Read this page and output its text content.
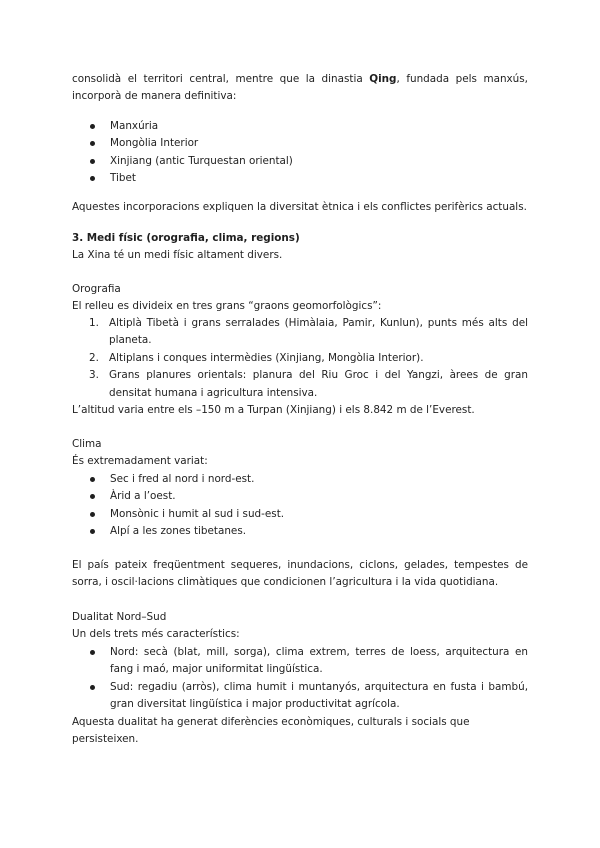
consolidà el territori central, mentre que la dinastia Qing, fundada pels manxús, incorporà de manera definitiva:

Manxúria
Mongòlia Interior
Xinjiang (antic Turquestan oriental)
Tibet

Aquestes incorporacions expliquen la diversitat ètnica i els conflictes perifèrics actuals.

3. Medi físic (orografia, clima, regions)

La Xina té un medi físic altament divers.

Orografia

El relleu es divideix en tres grans “graons geomorfològics”:

1. Altiplà Tibetà i grans serralades (Himàlaia, Pamir, Kunlun), punts més alts del planeta.
2. Altiplans i conques intermèdies (Xinjiang, Mongòlia Interior).
3. Grans planures orientals: planura del Riu Groc i del Yangzi, àrees de gran densitat humana i agricultura intensiva.

L’altitud varia entre els –150 m a Turpan (Xinjiang) i els 8.842 m de l’Everest.

Clima

És extremadament variat:

Sec i fred al nord i nord-est.
Àrid a l’oest.
Monsònic i humit al sud i sud-est.
Alpí a les zones tibetanes.

El país pateix freqüentment sequeres, inundacions, ciclons, gelades, tempestes de sorra, i oscil·lacions climàtiques que condicionen l’agricultura i la vida quotidiana.

Dualitat Nord–Sud

Un dels trets més característics:

Nord: secà (blat, mill, sorga), clima extrem, terres de loess, arquitectura en fang i maó, major uniformitat lingüística.
Sud: regadiu (arròs), clima humit i muntanyós, arquitectura en fusta i bambú, gran diversitat lingüística i major productivitat agrícola.

Aquesta dualitat ha generat diferències econòmiques, culturals i socials que persisteixen.
